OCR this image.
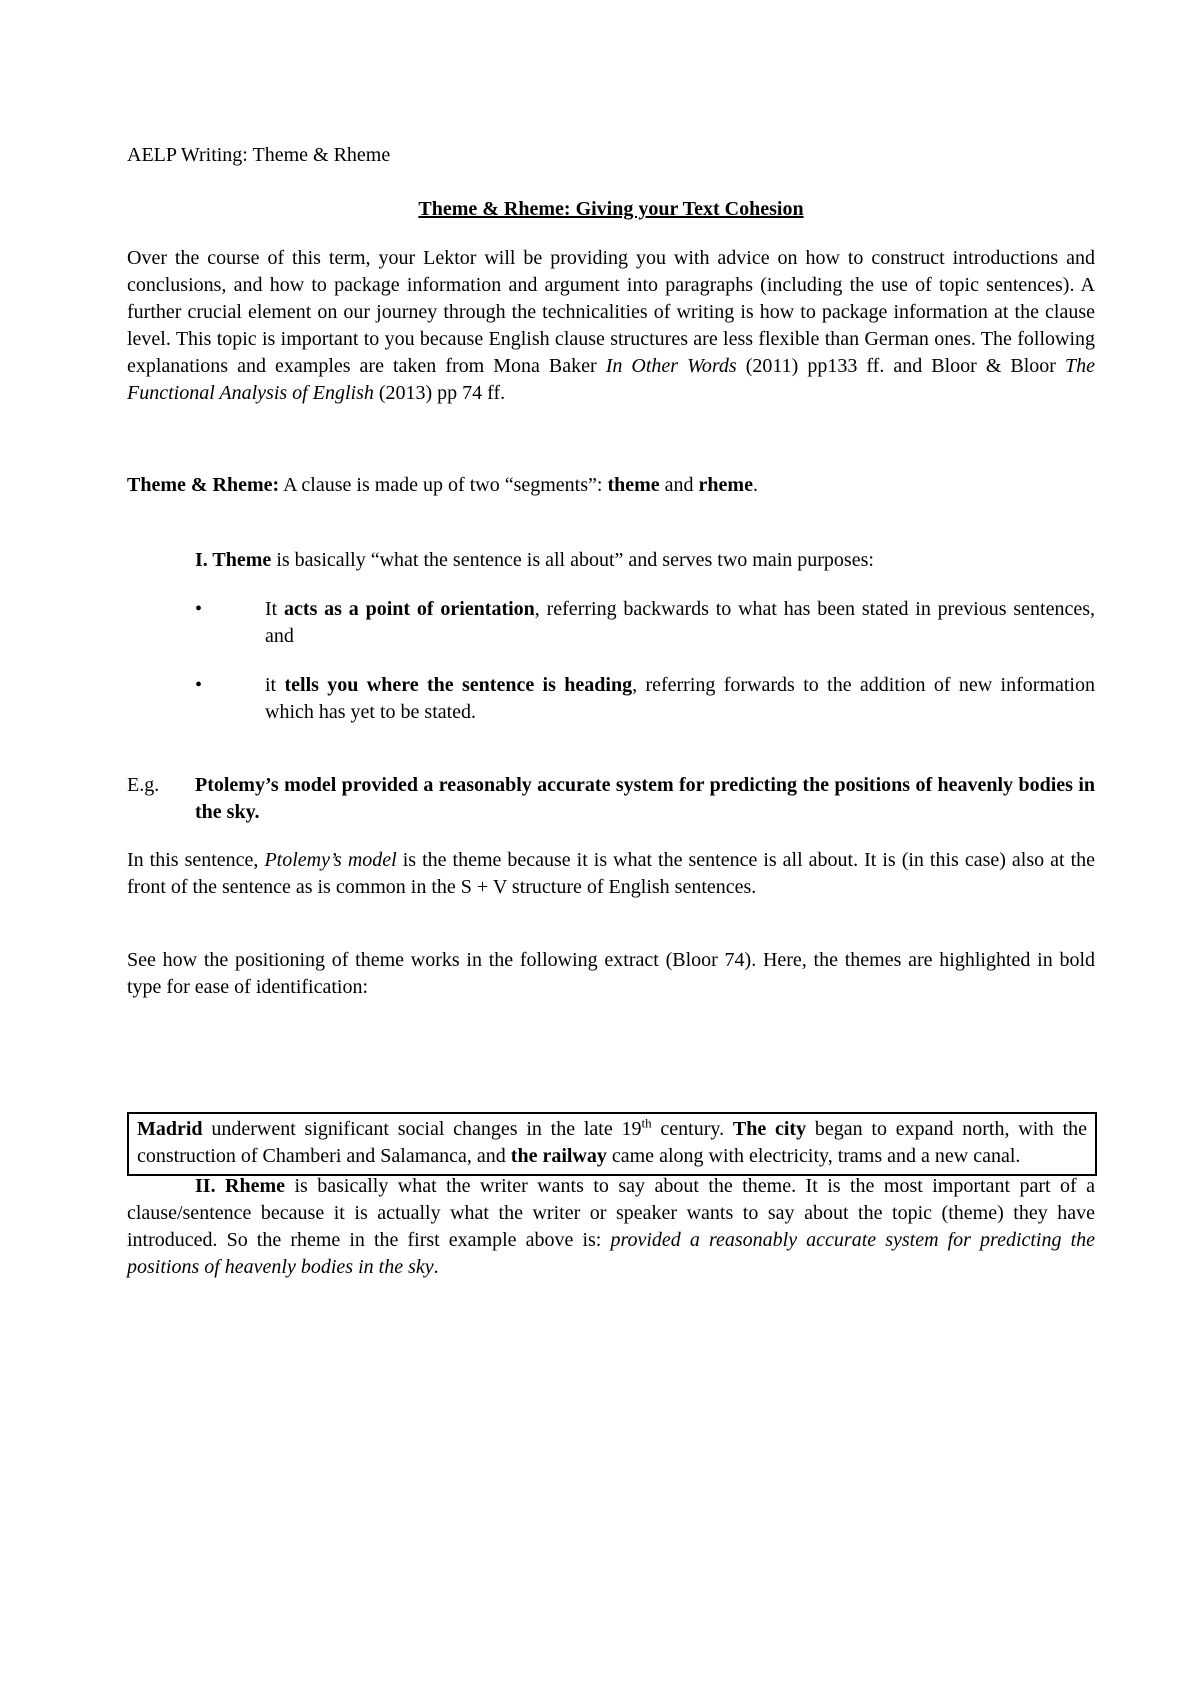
AELP Writing: Theme & Rheme

Theme & Rheme: Giving your Text Cohesion

Over the course of this term, your Lektor will be providing you with advice on how to construct introductions and conclusions, and how to package information and argument into paragraphs (including the use of topic sentences). A further crucial element on our journey through the technicalities of writing is how to package information at the clause level. This topic is important to you because English clause structures are less flexible than German ones. The following explanations and examples are taken from Mona Baker In Other Words (2011) pp133 ff. and Bloor & Bloor The Functional Analysis of English (2013) pp 74 ff.

Theme & Rheme: A clause is made up of two “segments”: theme and rheme.

I. Theme is basically “what the sentence is all about” and serves two main purposes:

•	It acts as a point of orientation, referring backwards to what has been stated in previous sentences, and

•	it tells you where the sentence is heading, referring forwards to the addition of new information which has yet to be stated.

E.g. Ptolemy’s model provided a reasonably accurate system for predicting the positions of heavenly bodies in the sky.

In this sentence, Ptolemy’s model is the theme because it is what the sentence is all about. It is (in this case) also at the front of the sentence as is common in the S + V structure of English sentences.

See how the positioning of theme works in the following extract (Bloor 74). Here, the themes are highlighted in bold type for ease of identification:

Madrid underwent significant social changes in the late 19th century. The city began to expand north, with the construction of Chamberi and Salamanca, and the railway came along with electricity, trams and a new canal.

II. Rheme is basically what the writer wants to say about the theme. It is the most important part of a clause/sentence because it is actually what the writer or speaker wants to say about the topic (theme) they have introduced. So the rheme in the first example above is: provided a reasonably accurate system for predicting the positions of heavenly bodies in the sky.
